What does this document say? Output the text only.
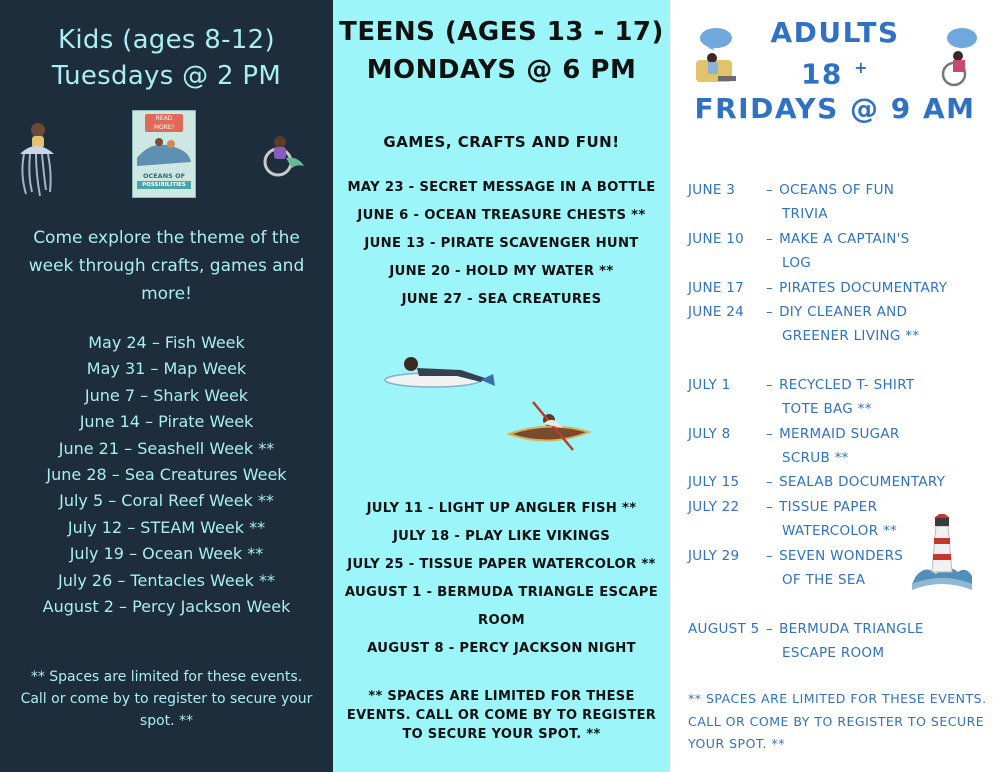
Kids (ages 8-12)
Tuesdays @ 2 PM
READ MORE!
OCEANS OF
POSSIBILITIES
Come explore the theme of the week through crafts, games and more!
May 24 – Fish Week
May 31 – Map Week
June 7 – Shark Week
June 14 – Pirate Week
June 21 – Seashell Week **
June 28 – Sea Creatures Week
July 5 – Coral Reef Week **
July 12 – STEAM Week **
July 19 – Ocean Week **
July 26 – Tentacles Week **
August 2 – Percy Jackson Week
** Spaces are limited for these events. Call or come by to register to secure your spot. **
TEENS (AGES 13 - 17)
MONDAYS @ 6 PM
GAMES, CRAFTS AND FUN!
MAY 23 - SECRET MESSAGE IN A BOTTLE
JUNE 6 - OCEAN TREASURE CHESTS **
JUNE 13 - PIRATE SCAVENGER HUNT
JUNE 20 - HOLD MY WATER **
JUNE 27 - SEA CREATURES
JULY 11 - LIGHT UP ANGLER FISH **
JULY 18 - PLAY LIKE VIKINGS
JULY 25 - TISSUE PAPER WATERCOLOR **
AUGUST 1 - BERMUDA TRIANGLE ESCAPE
ROOM
AUGUST 8 - PERCY JACKSON NIGHT
** SPACES ARE LIMITED FOR THESE EVENTS. CALL OR COME BY TO REGISTER TO SECURE YOUR SPOT. **
ADULTS
18 +
FRIDAYS @ 9 AM
JUNE 3	– OCEANS OF FUN
TRIVIA
JUNE 10	– MAKE A CAPTAIN'S
LOG
JUNE 17	– PIRATES DOCUMENTARY
JUNE 24	– DIY CLEANER AND
GREENER LIVING **
JULY 1	– RECYCLED T- SHIRT
TOTE BAG **
JULY 8	– MERMAID SUGAR
SCRUB **
JULY 15	– SEALAB DOCUMENTARY
JULY 22	– TISSUE PAPER
WATERCOLOR **
JULY 29	– SEVEN WONDERS
OF THE SEA
AUGUST 5 – BERMUDA TRIANGLE
ESCAPE ROOM
** SPACES ARE LIMITED FOR THESE EVENTS. CALL OR COME BY TO REGISTER TO SECURE YOUR SPOT. **
